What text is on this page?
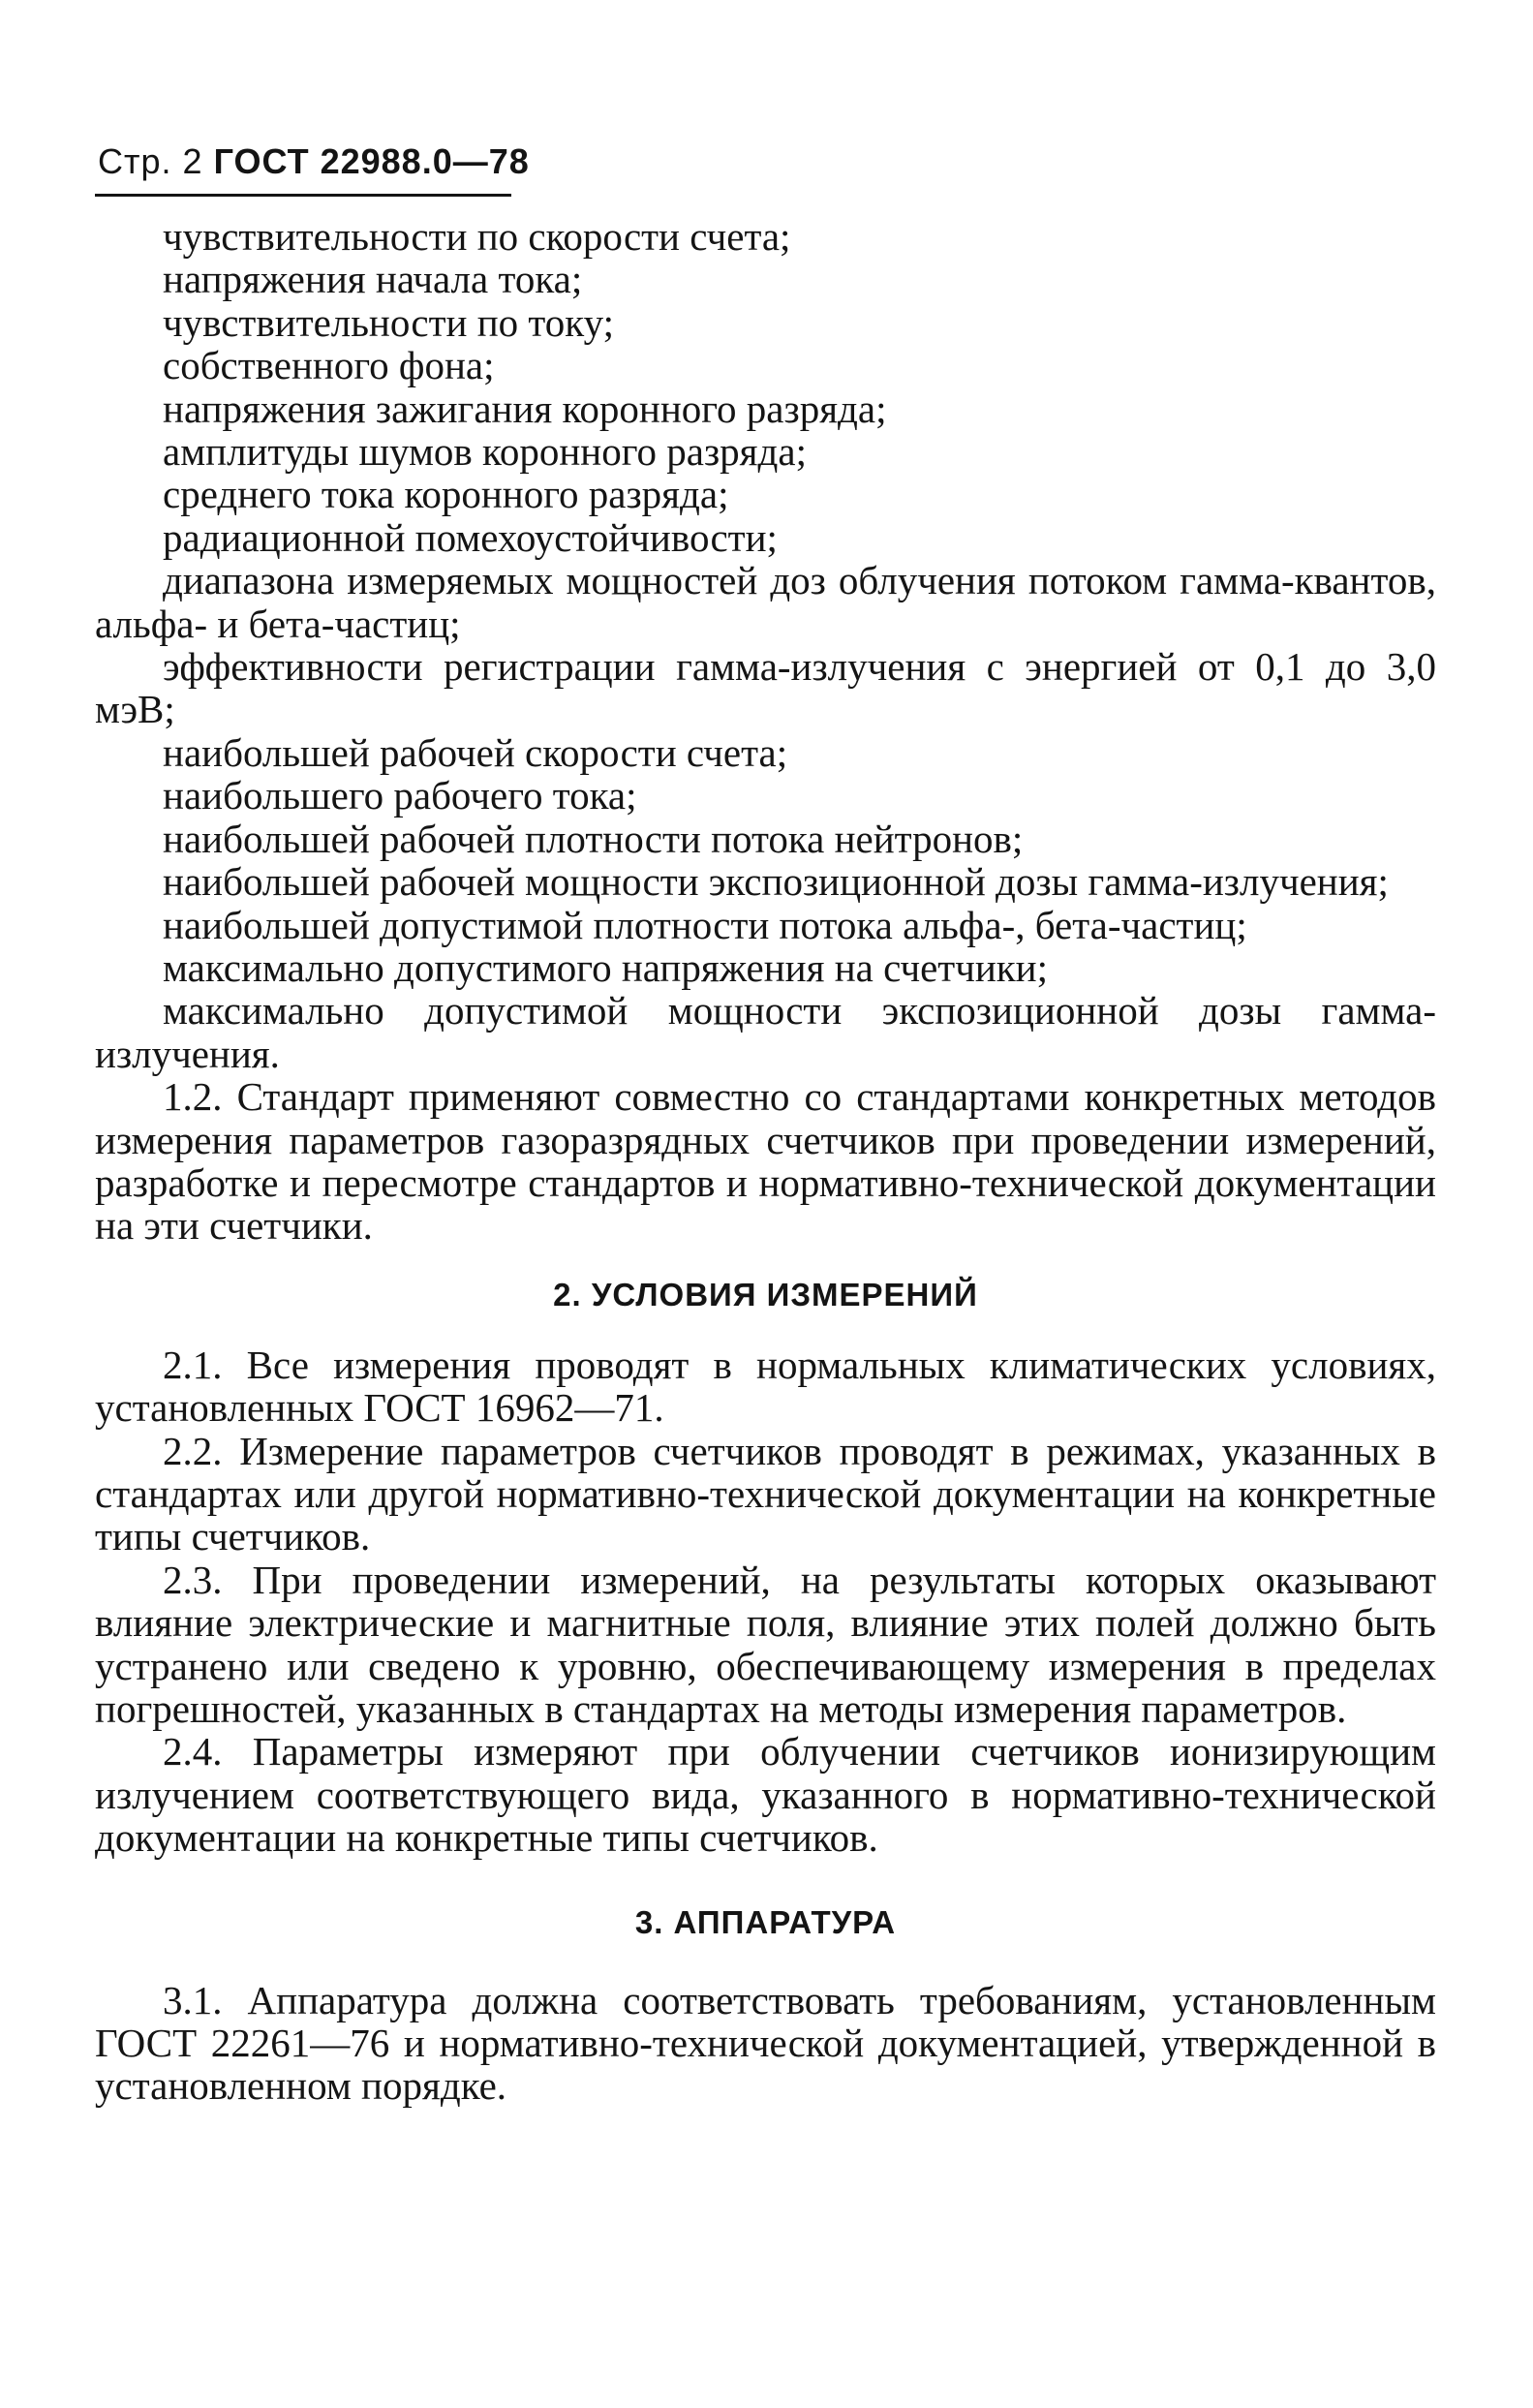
Стр. 2 ГОСТ 22988.0—78

чувствительности по скорости счета;

напряжения начала тока;

чувствительности по току;

собственного фона;

напряжения зажигания коронного разряда;

амплитуды шумов коронного разряда;

среднего тока коронного разряда;

радиационной помехоустойчивости;

диапазона измеряемых мощностей доз облучения потоком гамма-квантов, альфа- и бета-частиц;

эффективности регистрации гамма-излучения с энергией от 0,1 до 3,0 мэВ;

наибольшей рабочей скорости счета;

наибольшего рабочего тока;

наибольшей рабочей плотности потока нейтронов;

наибольшей рабочей мощности экспозиционной дозы гамма-излучения;

наибольшей допустимой плотности потока альфа-, бета-частиц;

максимально допустимого напряжения на счетчики;

максимально допустимой мощности экспозиционной дозы гамма-излучения.

1.2. Стандарт применяют совместно со стандартами конкретных методов измерения параметров газоразрядных счетчиков при проведении измерений, разработке и пересмотре стандартов и нормативно-технической документации на эти счетчики.

2. УСЛОВИЯ ИЗМЕРЕНИЙ

2.1. Все измерения проводят в нормальных климатических условиях, установленных ГОСТ 16962—71.

2.2. Измерение параметров счетчиков проводят в режимах, указанных в стандартах или другой нормативно-технической документации на конкретные типы счетчиков.

2.3. При проведении измерений, на результаты которых оказывают влияние электрические и магнитные поля, влияние этих полей должно быть устранено или сведено к уровню, обеспечивающему измерения в пределах погрешностей, указанных в стандартах на методы измерения параметров.

2.4. Параметры измеряют при облучении счетчиков ионизирующим излучением соответствующего вида, указанного в нормативно-технической документации на конкретные типы счетчиков.

3. АППАРАТУРА

3.1. Аппаратура должна соответствовать требованиям, установленным ГОСТ 22261—76 и нормативно-технической документацией, утвержденной в установленном порядке.
